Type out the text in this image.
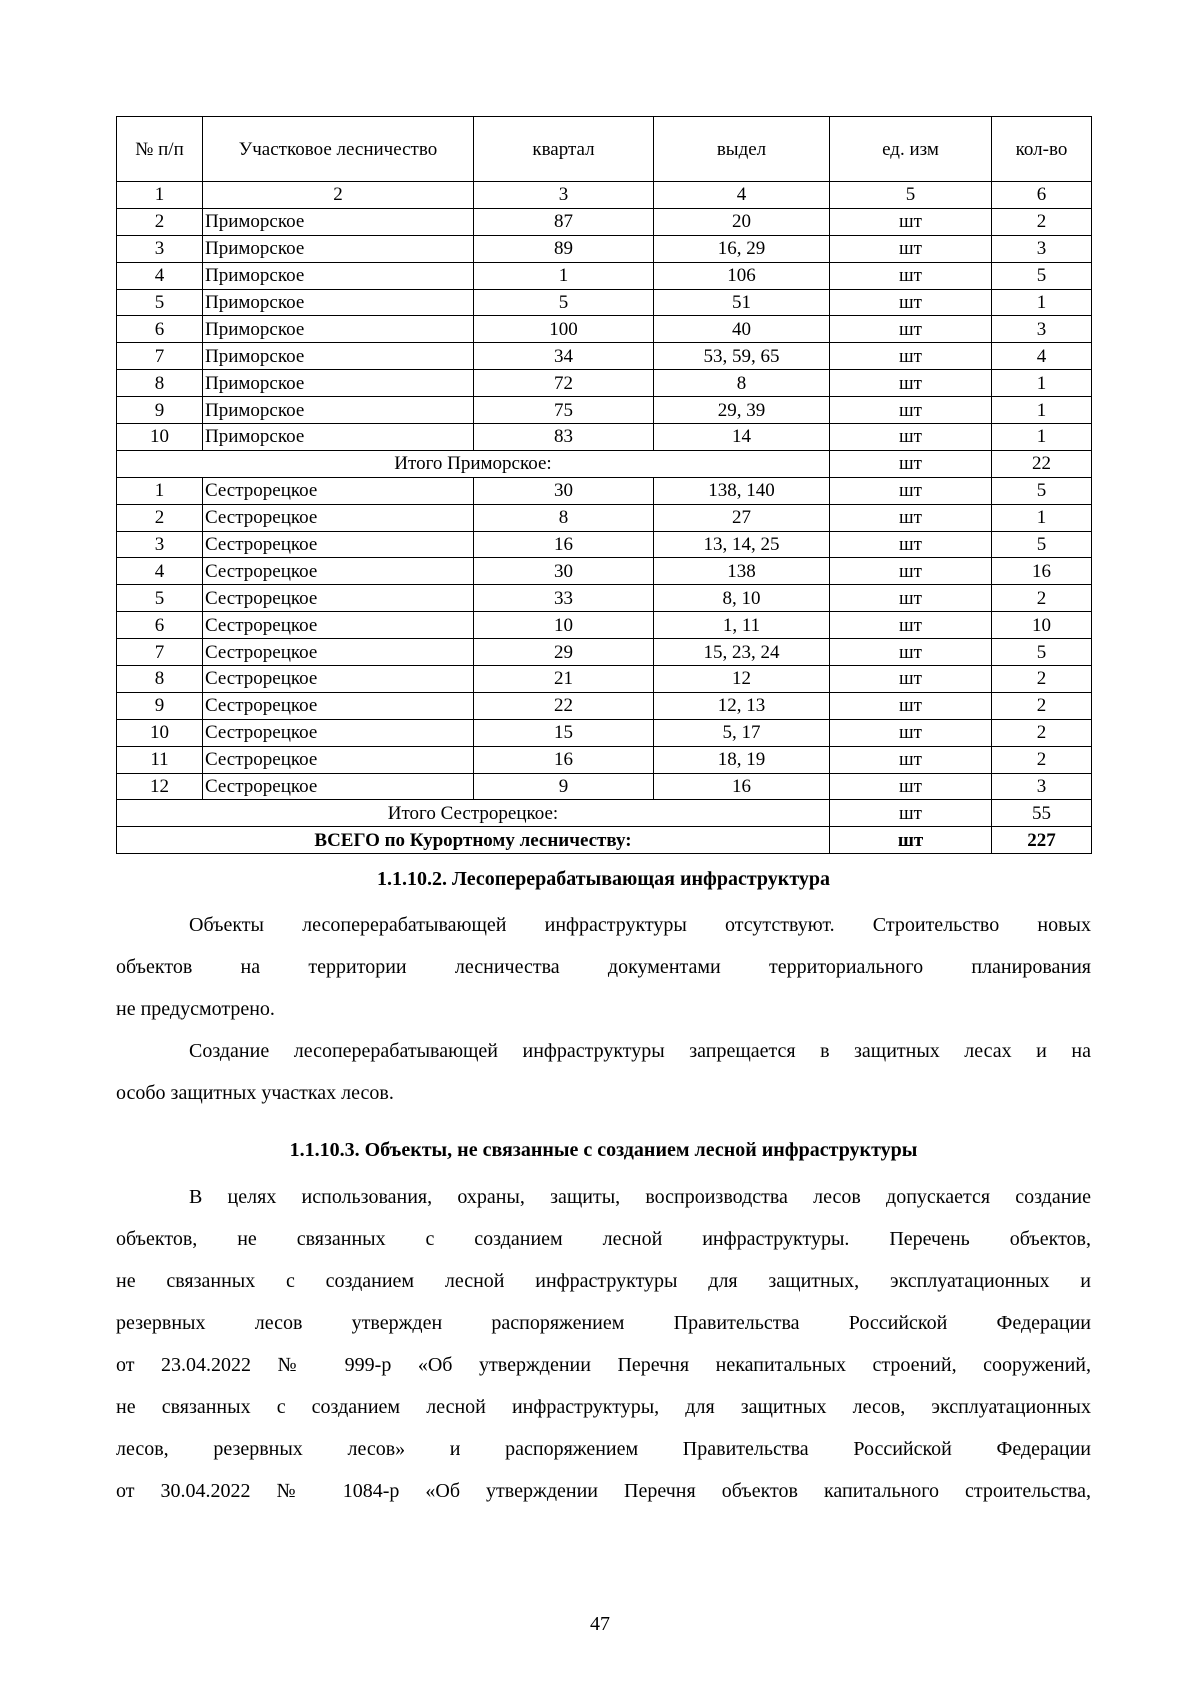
№ п/п	Участковое лесничество	квартал	выдел	ед. изм	кол-во
1	2	3	4	5	6
2	Приморское	87	20	шт	2
3	Приморское	89	16, 29	шт	3
4	Приморское	1	106	шт	5
5	Приморское	5	51	шт	1
6	Приморское	100	40	шт	3
7	Приморское	34	53, 59, 65	шт	4
8	Приморское	72	8	шт	1
9	Приморское	75	29, 39	шт	1
10	Приморское	83	14	шт	1
Итого Приморское:				шт	22
1	Сестрорецкое	30	138, 140	шт	5
2	Сестрорецкое	8	27	шт	1
3	Сестрорецкое	16	13, 14, 25	шт	5
4	Сестрорецкое	30	138	шт	16
5	Сестрорецкое	33	8, 10	шт	2
6	Сестрорецкое	10	1, 11	шт	10
7	Сестрорецкое	29	15, 23, 24	шт	5
8	Сестрорецкое	21	12	шт	2
9	Сестрорецкое	22	12, 13	шт	2
10	Сестрорецкое	15	5, 17	шт	2
11	Сестрорецкое	16	18, 19	шт	2
12	Сестрорецкое	9	16	шт	3
Итого Сестрорецкое:				шт	55
ВСЕГО по Курортному лесничеству:				шт	227
1.1.10.2. Лесоперерабатывающая инфраструктура
Объекты лесоперерабатывающей инфраструктуры отсутствуют. Строительство новых
объектов на территории лесничества документами территориального планирования
не предусмотрено.
Создание лесоперерабатывающей инфраструктуры запрещается в защитных лесах и на
особо защитных участках лесов.
1.1.10.3. Объекты, не связанные с созданием лесной инфраструктуры
В целях использования, охраны, защиты, воспроизводства лесов допускается создание
объектов, не связанных с созданием лесной инфраструктуры. Перечень объектов,
не связанных с созданием лесной инфраструктуры для защитных, эксплуатационных и
резервных лесов утвержден распоряжением Правительства Российской Федерации
от 23.04.2022 № 999-р «Об утверждении Перечня некапитальных строений, сооружений,
не связанных с созданием лесной инфраструктуры, для защитных лесов, эксплуатационных
лесов, резервных лесов» и распоряжением Правительства Российской Федерации
от 30.04.2022 № 1084-р «Об утверждении Перечня объектов капитального строительства,
47
